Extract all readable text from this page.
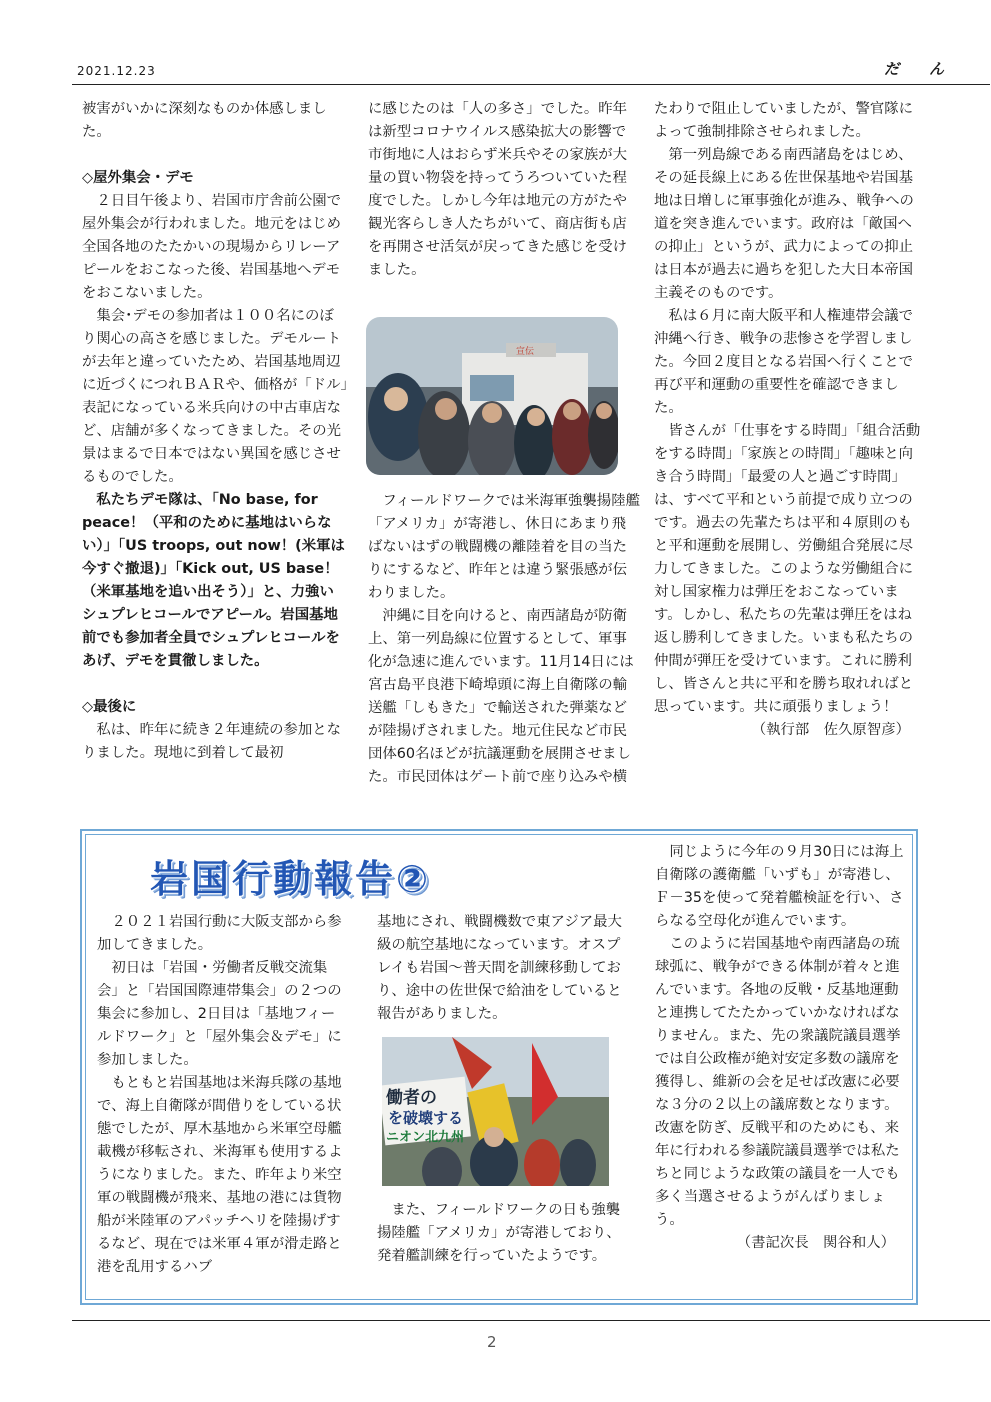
2021.12.23	だ ん

被害がいかに深刻なものか体感しました。

◇屋外集会・デモ

２日目午後より、岩国市庁舎前公園で屋外集会が行われました。地元をはじめ全国各地のたたかいの現場からリレーアピールをおこなった後、岩国基地へデモをおこないました。

集会･デモの参加者は１００名にのぼり関心の高さを感じました。デモルートが去年と違っていたため、岩国基地周辺に近づくにつれＢＡＲや、価格が「ドル」表記になっている米兵向けの中古車店など、店舗が多くなってきました。その光景はまるで日本ではない異国を感じさせるものでした。

私たちデモ隊は、「No base, for peace！（平和のために基地はいらない）」「US troops, out now！(米軍は今すぐ撤退)」「Kick out, US base！（米軍基地を追い出そう）」と、力強いシュプレヒコールでアピール。岩国基地前でも参加者全員でシュプレヒコールをあげ、デモを貫徹しました。

◇最後に

私は、昨年に続き２年連続の参加となりました。現地に到着して最初

に感じたのは「人の多さ」でした。昨年は新型コロナウイルス感染拡大の影響で市街地に人はおらず米兵やその家族が大量の買い物袋を持ってうろついていた程度でした。しかし今年は地元の方がたや観光客らしき人たちがいて、商店街も店を再開させ活気が戻ってきた感じを受けました。

宣伝

フィールドワークでは米海軍強襲揚陸艦「アメリカ」が寄港し、休日にあまり飛ばないはずの戦闘機の離陸着を目の当たりにするなど、昨年とは違う緊張感が伝わりました。

沖縄に目を向けると、南西諸島が防衛上、第一列島線に位置するとして、軍事化が急速に進んでいます。11月14日には宮古島平良港下崎埠頭に海上自衛隊の輸送艦「しもきた」で輸送された弾薬などが陸揚げされました。地元住民など市民団体60名ほどが抗議運動を展開させました。市民団体はゲート前で座り込みや横

たわりで阻止していましたが、警官隊によって強制排除させられました。

第一列島線である南西諸島をはじめ、その延長線上にある佐世保基地や岩国基地は日増しに軍事強化が進み、戦争への道を突き進んでいます。政府は「敵国への抑止」というが、武力によっての抑止は日本が過去に過ちを犯した大日本帝国主義そのものです。

私は６月に南大阪平和人権連帯会議で沖縄へ行き、戦争の悲惨さを学習しました。今回２度目となる岩国へ行くことで再び平和運動の重要性を確認できました。

皆さんが「仕事をする時間」「組合活動をする時間」「家族との時間」「趣味と向き合う時間」「最愛の人と過ごす時間」は、すべて平和という前提で成り立つのです。過去の先輩たちは平和４原則のもと平和運動を展開し、労働組合発展に尽力してきました。このような労働組合に対し国家権力は弾圧をおこなっています。しかし、私たちの先輩は弾圧をはね返し勝利してきました。いまも私たちの仲間が弾圧を受けています。これに勝利し、皆さんと共に平和を勝ち取れればと思っています。共に頑張りましょう！

（執行部　佐久原智彦）

岩国行動報告②

２０２１岩国行動に大阪支部から参加してきました。

初日は「岩国・労働者反戦交流集会」と「岩国国際連帯集会」の２つの集会に参加し、2日目は「基地フィールドワーク」と「屋外集会＆デモ」に参加しました。

もともと岩国基地は米海兵隊の基地で、海上自衛隊が間借りをしている状態でしたが、厚木基地から米軍空母艦載機が移転され、米海軍も使用するようになりました。また、昨年より米空軍の戦闘機が飛来、基地の港には貨物船が米陸軍のアパッチヘリを陸揚げするなど、現在では米軍４軍が滑走路と港を乱用するハブ

基地にされ、戦闘機数で東アジア最大級の航空基地になっています。オスプレイも岩国～普天間を訓練移動しており、途中の佐世保で給油をしていると報告がありました。

働者の
を破壊する
ニオン北九州

また、フィールドワークの日も強襲揚陸艦「アメリカ」が寄港しており、発着艦訓練を行っていたようです。

同じように今年の９月30日には海上自衛隊の護衛艦「いずも」が寄港し、Ｆ－35を使って発着艦検証を行い、さらなる空母化が進んでいます。

このように岩国基地や南西諸島の琉球弧に、戦争ができる体制が着々と進んでいます。各地の反戦・反基地運動と連携してたたかっていかなければなりません。また、先の衆議院議員選挙では自公政権が絶対安定多数の議席を獲得し、維新の会を足せば改憲に必要な３分の２以上の議席数となります。改憲を防ぎ、反戦平和のためにも、来年に行われる参議院議員選挙では私たちと同じような政策の議員を一人でも多く当選させるようがんばりましょう。

（書記次長　関谷和人）

2
